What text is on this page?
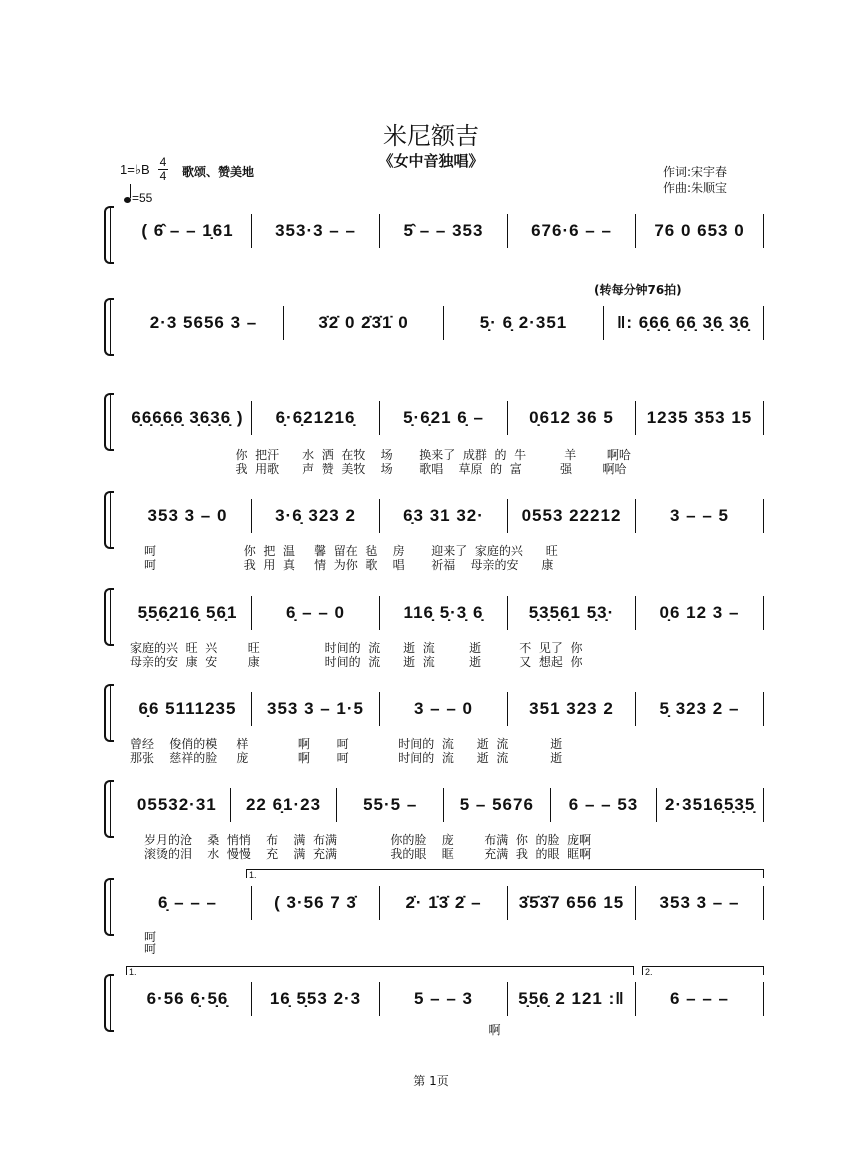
米尼额吉
《女中音独唱》
1=♭B 4
4 歌颂、赞美地
=55
作词:宋宇春
作曲:朱顺宝
(转每分钟76拍)
( 6̂ – – 1̣61 353·3 – –	5̂ – – 353	676·6 – – 76 0 653 0
2·3 5656 3 –	3̇2̇ 0 2̇3̇1̇ 0	5̣· 6̣ 2·351	‖: 6̣6̣6̣ 6̣6̣ 3̣6̣ 3̣6̣
6̣6̣6̣6̣6̣ 3̣6̣3̣6̣ ) 6̣·6̣21216̣	5̣·6̣21 6̣ –	0̣612 36 5 1235 353 15
你  把汗      水  洒  在牧    场       换来了  成群  的  牛          羊        啊哈
我  用歌      声  赞  美牧    场       歌唱    草原  的  富          强        啊哈
353 3 – 0	3·6̣ 323 2	6̣3 31 32· 0553 22212	3 – – 5
呵                       你  把  温     馨  留在  毡    房       迎来了  家庭的兴      旺
呵                       我  用  真     情  为你  歌    唱       祈福    母亲的安      康
5̣5̣6̣216̣ 5̣6̣1	6̣ – – 0	116̣ 5̣·3̣ 6̣	5̣3̣5̣6̣1 5̣3̣·	0̣6 12 3 –
家庭的兴  旺  兴        旺                 时间的  流      逝  流         逝          不  见了  你
母亲的安  康  安        康                 时间的  流      逝  流         逝          又  想起  你
6̣6 5111235 353 3 – 1·5	3 – – 0	351 323 2	5̣ 323 2 –
曾经    俊俏的模     样             啊       呵             时间的  流      逝  流           逝
那张    慈祥的脸     庞             啊       呵             时间的  流      逝  流           逝
05532·31 22 6̣1·23 55·5 – 5 – 5676 6 – – 53 2·3516̣5̣3̣5̣
岁月的沧    桑  悄悄    布    满  布满              你的脸    庞        布满  你  的脸  庞啊
滚烫的泪    水  慢慢    充    满  充满              我的眼    眶        充满  我  的眼  眶啊
1.
6̣ – – –	( 3·56 7 3̇	2̇· 1̇3̇ 2̇ – 3̇5̇3̇7 656 15 353 3 – –
呵
呵
1.	2.
6·56 6̣·5̣6̣ 16̣ 5̣53 2·3	5 – – 3	5̣5̣6̣ 2 121 :‖	6 – – –
啊
第 1页
